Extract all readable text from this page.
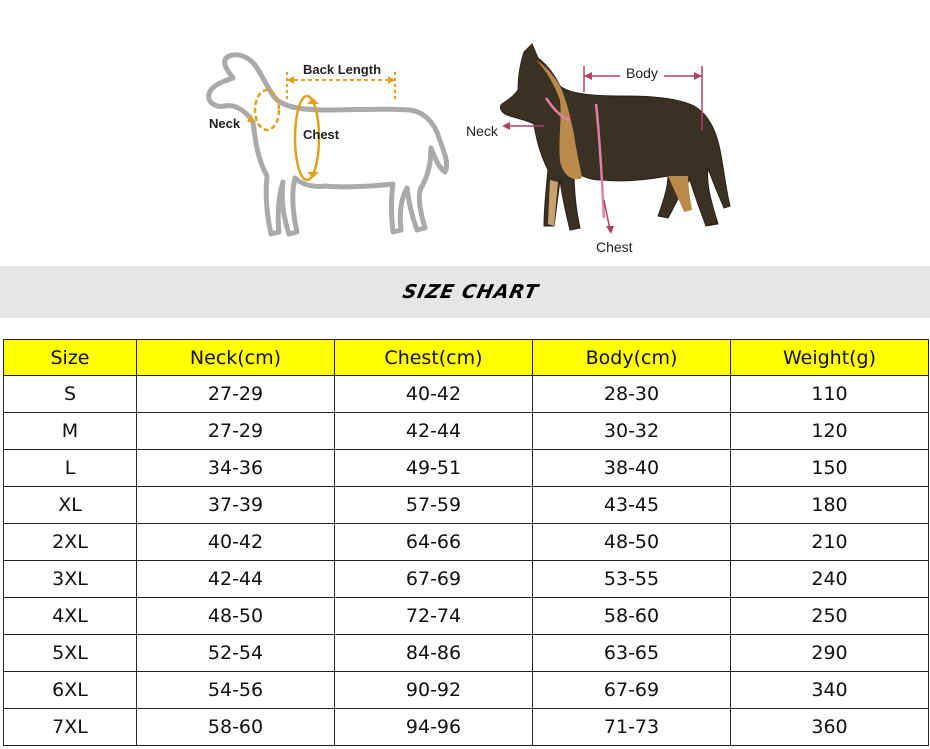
Back Length
Neck
Chest	Neck
Body
Chest
SIZE CHART
Size	Neck(cm)	Chest(cm)	Body(cm)	Weight(g)
S	27-29	40-42	28-30	110
M	27-29	42-44	30-32	120
L	34-36	49-51	38-40	150
XL	37-39	57-59	43-45	180
2XL	40-42	64-66	48-50	210
3XL	42-44	67-69	53-55	240
4XL	48-50	72-74	58-60	250
5XL	52-54	84-86	63-65	290
6XL	54-56	90-92	67-69	340
7XL	58-60	94-96	71-73	360
